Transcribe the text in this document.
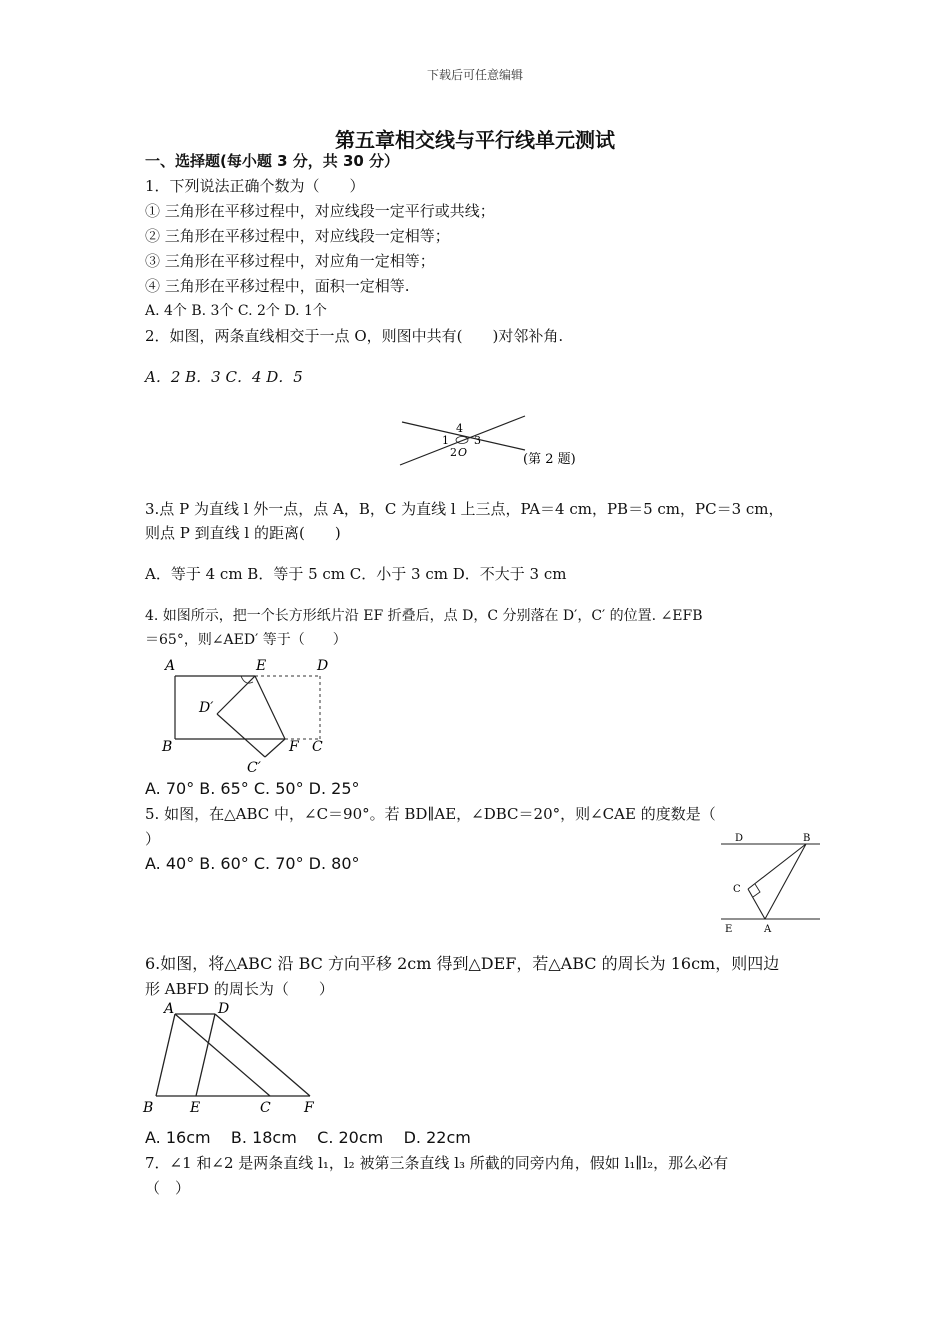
下载后可任意编辑
第五章相交线与平行线单元测试
一、选择题(每小题 3 分，共 30 分）
1．下列说法正确个数为（　　）
① 三角形在平移过程中，对应线段一定平行或共线；
② 三角形在平移过程中，对应线段一定相等；
③ 三角形在平移过程中，对应角一定相等；
④ 三角形在平移过程中，面积一定相等.
A. 4个 B. 3个 C. 2个 D. 1个
2．如图，两条直线相交于一点 O，则图中共有(　　)对邻补角.
A．2 B．3 C．4 D．5
4
1 3
2 O	(第 2 题)
3.点 P 为直线 l 外一点，点 A，B，C 为直线 l 上三点，PA＝4 cm，PB＝5 cm，PC＝3 cm，
则点 P 到直线 l 的距离(　　)
A．等于 4 cm B．等于 5 cm C．小于 3 cm D．不大于 3 cm
4. 如图所示，把一个长方形纸片沿 EF 折叠后，点 D，C 分别落在 D′，C′ 的位置. ∠EFB
＝65°，则∠AED′ 等于（　　）
A	E	D
D′
B	F C
C′
A. 70° B. 65° C. 50° D. 25°
5. 如图，在△ABC 中，∠C＝90°。若 BD∥AE，∠DBC＝20°，则∠CAE 的度数是（
）
A. 40° B. 60° C. 70° D. 80°
D	B
C
E	A
6.如图，将△ABC 沿 BC 方向平移 2cm 得到△DEF，若△ABC 的周长为 16cm，则四边
形 ABFD 的周长为（　　）
A	D
B	E	C F
A. 16cm    B. 18cm    C. 20cm    D. 22cm
7．∠1 和∠2 是两条直线 l₁，l₂ 被第三条直线 l₃ 所截的同旁内角，假如 l₁∥l₂，那么必有
（　）
